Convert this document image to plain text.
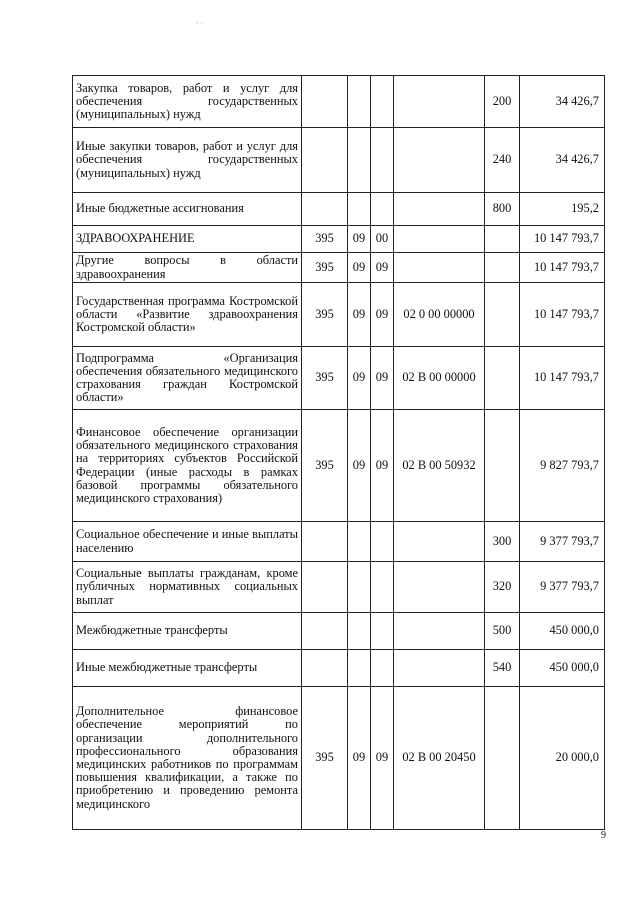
· ·
Закупка товаров, работ и услуг для обеспечения государственных (муниципальных) нужд					200	34 426,7
Иные закупки товаров, работ и услуг для обеспечения государственных (муниципальных) нужд					240	34 426,7
Иные бюджетные ассигнования					800	195,2
ЗДРАВООХРАНЕНИЕ	395	09	00			10 147 793,7
Другие вопросы в области здравоохранения	395	09	09			10 147 793,7
Государственная программа Костромской области «Развитие здравоохранения Костромской области»	395	09	09	02 0 00 00000		10 147 793,7
Подпрограмма «Организация обеспечения обязательного медицинского страхования граждан Костромской области»	395	09	09	02 В 00 00000		10 147 793,7
Финансовое обеспечение организации обязательного медицинского страхования на территориях субъектов Российской Федерации (иные расходы в рамках базовой программы обязательного медицинского страхования)	395	09	09	02 В 00 50932		9 827 793,7
Социальное обеспечение и иные выплаты населению					300	9 377 793,7
Социальные выплаты гражданам, кроме публичных нормативных социальных выплат					320	9 377 793,7
Межбюджетные трансферты					500	450 000,0
Иные межбюджетные трансферты					540	450 000,0
Дополнительное финансовое обеспечение мероприятий по организации дополнительного профессионального образования медицинских работников по программам повышения квалификации, а также по приобретению и проведению ремонта медицинского	395	09	09	02 В 00 20450		20 000,0
9
